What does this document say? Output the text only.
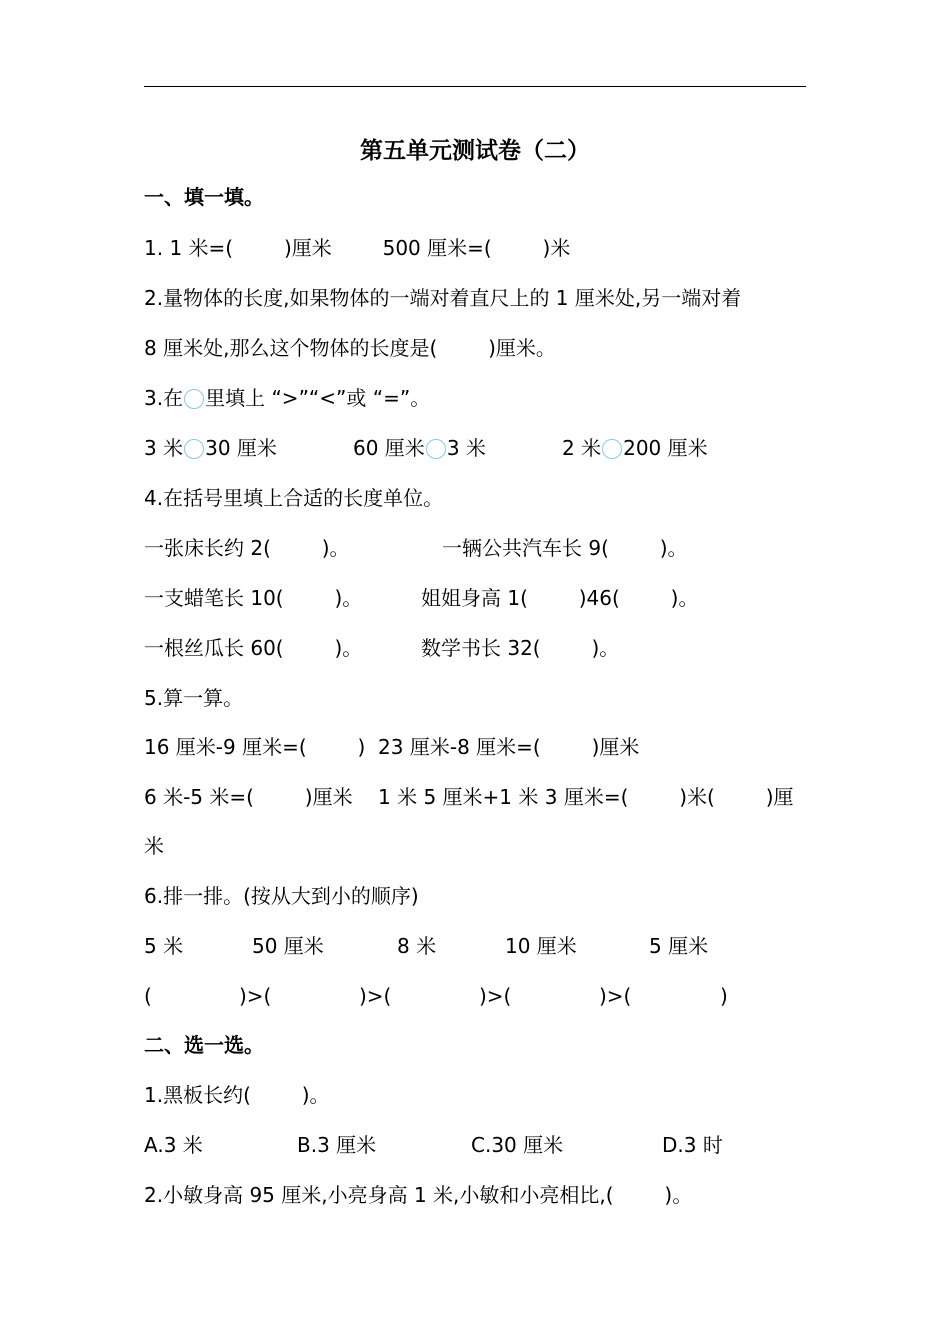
第五单元测试卷（二）
一、填一填。
1. 1 米=(        )厘米        500 厘米=(        )米
2.量物体的长度,如果物体的一端对着直尺上的 1 厘米处,另一端对着
8 厘米处,那么这个物体的长度是(        )厘米。
3.在 里填上 “>”“<”或 “=”。
3 米 30 厘米	60 厘米 3 米	2 米 200 厘米
4.在括号里填上合适的长度单位。
一张床长约 2(        )。	一辆公共汽车长 9(        )。
一支蜡笔长 10(        )。	姐姐身高 1(        )46(        )。
一根丝瓜长 60(        )。	数学书长 32(        )。
5.算一算。
16 厘米-9 厘米=(        )  23 厘米-8 厘米=(        )厘米
6 米-5 米=(        )厘米    1 米 5 厘米+1 米 3 厘米=(        )米(        )厘
米
6.排一排。(按从大到小的顺序)
5 米	50 厘米	8 米	10 厘米	5 厘米
(	)>(	)>(	)>(	)>(	)
二、选一选。
1.黑板长约(        )。
A.3 米	B.3 厘米	C.30 厘米	D.3 时
2.小敏身高 95 厘米,小亮身高 1 米,小敏和小亮相比,(        )。
